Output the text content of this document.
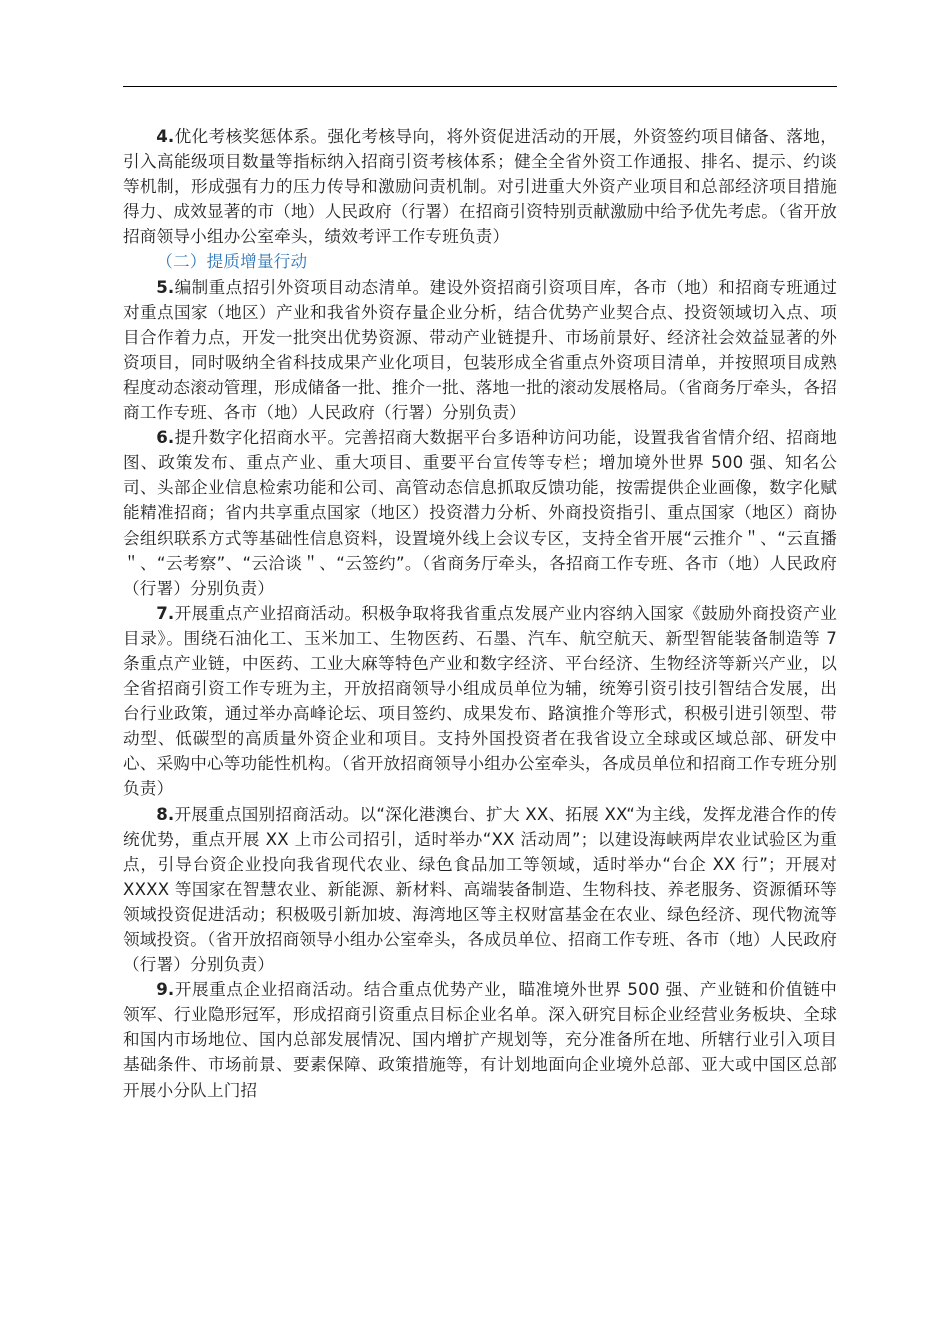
4.优化考核奖惩体系。强化考核导向，将外资促进活动的开展，外资签约项目储备、落地，引入高能级项目数量等指标纳入招商引资考核体系；健全全省外资工作通报、排名、提示、约谈等机制，形成强有力的压力传导和激励问责机制。对引进重大外资产业项目和总部经济项目措施得力、成效显著的市（地）人民政府（行署）在招商引资特别贡献激励中给予优先考虑。（省开放招商领导小组办公室牵头，绩效考评工作专班负责）

（二）提质增量行动

5.编制重点招引外资项目动态清单。建设外资招商引资项目库，各市（地）和招商专班通过对重点国家（地区）产业和我省外资存量企业分析，结合优势产业契合点、投资领域切入点、项目合作着力点，开发一批突出优势资源、带动产业链提升、市场前景好、经济社会效益显著的外资项目，同时吸纳全省科技成果产业化项目，包装形成全省重点外资项目清单，并按照项目成熟程度动态滚动管理，形成储备一批、推介一批、落地一批的滚动发展格局。（省商务厅牵头，各招商工作专班、各市（地）人民政府（行署）分别负责）

6.提升数字化招商水平。完善招商大数据平台多语种访问功能，设置我省省情介绍、招商地图、政策发布、重点产业、重大项目、重要平台宣传等专栏；增加境外世界 500 强、知名公司、头部企业信息检索功能和公司、高管动态信息抓取反馈功能，按需提供企业画像，数字化赋能精准招商；省内共享重点国家（地区）投资潜力分析、外商投资指引、重点国家（地区）商协会组织联系方式等基础性信息资料，设置境外线上会议专区，支持全省开展“云推介＂、“云直播＂、“云考察”、“云洽谈＂、“云签约”。（省商务厅牵头，各招商工作专班、各市（地）人民政府（行署）分别负责）

7.开展重点产业招商活动。积极争取将我省重点发展产业内容纳入国家《鼓励外商投资产业目录》。围绕石油化工、玉米加工、生物医药、石墨、汽车、航空航天、新型智能装备制造等 7 条重点产业链，中医药、工业大麻等特色产业和数字经济、平台经济、生物经济等新兴产业，以全省招商引资工作专班为主，开放招商领导小组成员单位为辅，统筹引资引技引智结合发展，出台行业政策，通过举办高峰论坛、项目签约、成果发布、路演推介等形式，积极引进引领型、带动型、低碳型的高质量外资企业和项目。支持外国投资者在我省设立全球或区域总部、研发中心、采购中心等功能性机构。（省开放招商领导小组办公室牵头，各成员单位和招商工作专班分别负责）

8.开展重点国别招商活动。以“深化港澳台、扩大 XX、拓展 XX“为主线，发挥龙港合作的传统优势，重点开展 XX 上市公司招引，适时举办“XX 活动周”；以建设海峡两岸农业试验区为重点，引导台资企业投向我省现代农业、绿色食品加工等领域，适时举办“台企 XX 行”；开展对 XXXX 等国家在智慧农业、新能源、新材料、高端装备制造、生物科技、养老服务、资源循环等领域投资促进活动；积极吸引新加坡、海湾地区等主权财富基金在农业、绿色经济、现代物流等领域投资。（省开放招商领导小组办公室牵头，各成员单位、招商工作专班、各市（地）人民政府（行署）分别负责）

9.开展重点企业招商活动。结合重点优势产业，瞄准境外世界 500 强、产业链和价值链中领军、行业隐形冠军，形成招商引资重点目标企业名单。深入研究目标企业经营业务板块、全球和国内市场地位、国内总部发展情况、国内增扩产规划等，充分准备所在地、所辖行业引入项目基础条件、市场前景、要素保障、政策措施等，有计划地面向企业境外总部、亚大或中国区总部开展小分队上门招
